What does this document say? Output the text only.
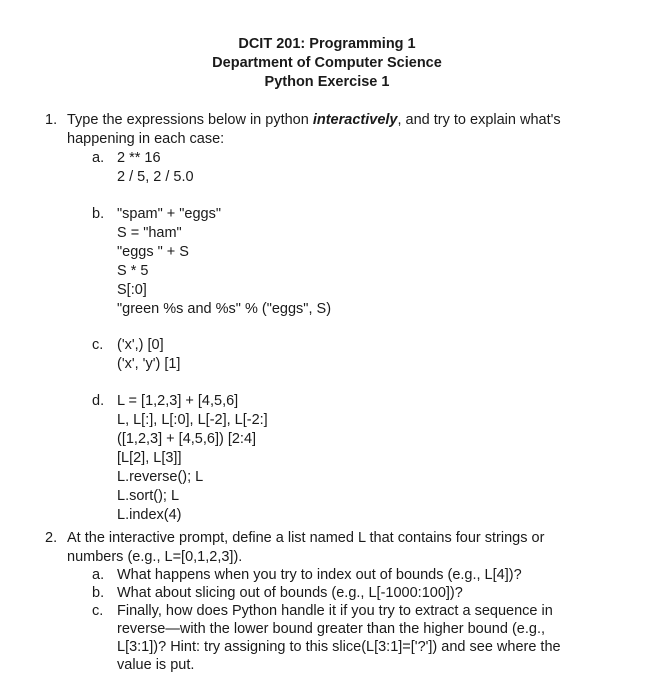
DCIT 201: Programming 1
Department of Computer Science
Python Exercise 1
1. Type the expressions below in python interactively, and try to explain what's
happening in each case:
a. 2 ** 16
2 / 5, 2 / 5.0
b. "spam" + "eggs"
S = "ham"
"eggs " + S
S * 5
S[:0]
"green %s and %s" % ("eggs", S)
c. ('x',) [0]
('x', 'y') [1]
d. L = [1,2,3] + [4,5,6]
L, L[:], L[:0], L[-2], L[-2:]
([1,2,3] + [4,5,6]) [2:4]
[L[2], L[3]]
L.reverse(); L
L.sort(); L
L.index(4)
2. At the interactive prompt, define a list named L that contains four strings or
numbers (e.g., L=[0,1,2,3]).
a. What happens when you try to index out of bounds (e.g., L[4])?
b. What about slicing out of bounds (e.g., L[-1000:100])?
c. Finally, how does Python handle it if you try to extract a sequence in
reverse—with the lower bound greater than the higher bound (e.g.,
L[3:1])? Hint: try assigning to this slice(L[3:1]=['?']) and see where the
value is put.
